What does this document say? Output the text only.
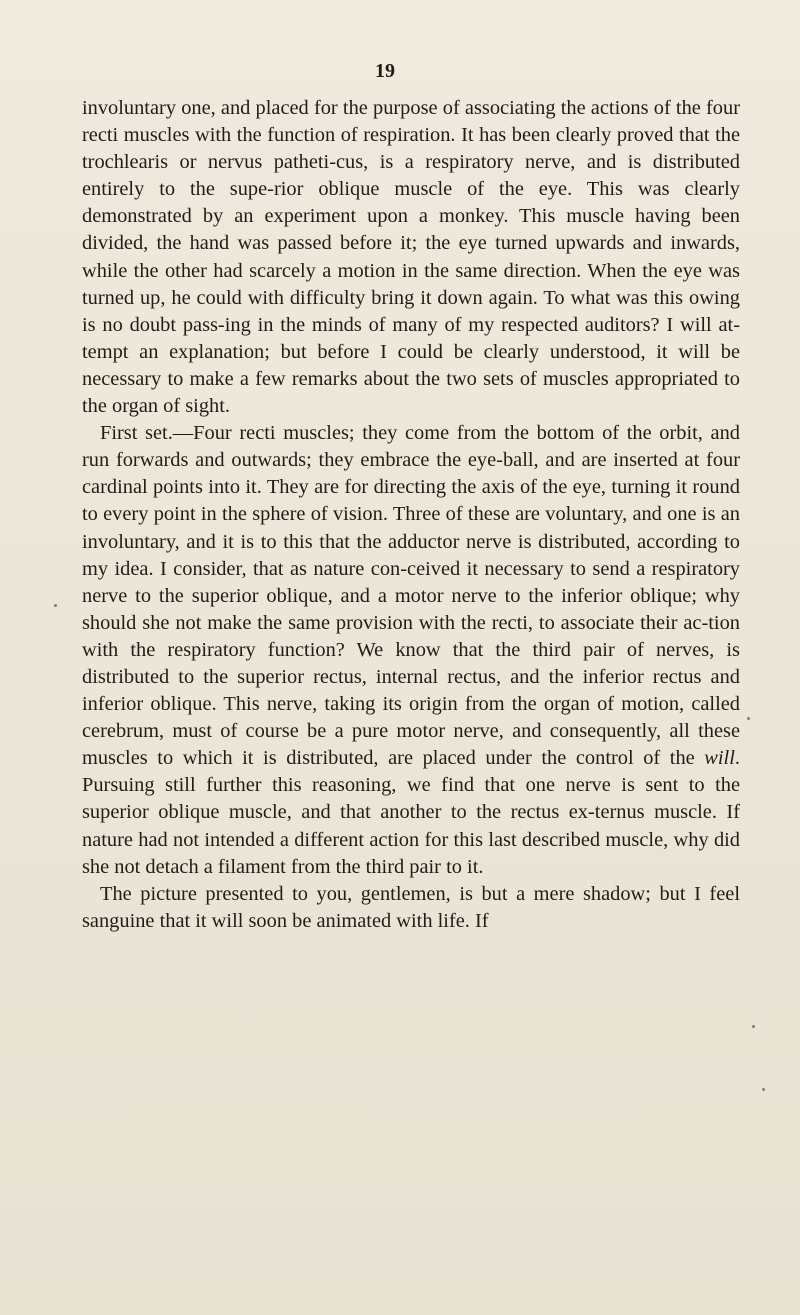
19

involuntary one, and placed for the purpose of associating the actions of the four recti muscles with the function of respiration. It has been clearly proved that the trochlearis or nervus patheti-cus, is a respiratory nerve, and is distributed entirely to the supe-rior oblique muscle of the eye. This was clearly demonstrated by an experiment upon a monkey. This muscle having been divided, the hand was passed before it; the eye turned upwards and inwards, while the other had scarcely a motion in the same direction. When the eye was turned up, he could with difficulty bring it down again. To what was this owing is no doubt pass-ing in the minds of many of my respected auditors? I will at-tempt an explanation; but before I could be clearly understood, it will be necessary to make a few remarks about the two sets of muscles appropriated to the organ of sight.

First set.—Four recti muscles; they come from the bottom of the orbit, and run forwards and outwards; they embrace the eye-ball, and are inserted at four cardinal points into it. They are for directing the axis of the eye, turning it round to every point in the sphere of vision. Three of these are voluntary, and one is an involuntary, and it is to this that the adductor nerve is distributed, according to my idea. I consider, that as nature con-ceived it necessary to send a respiratory nerve to the superior oblique, and a motor nerve to the inferior oblique; why should she not make the same provision with the recti, to associate their ac-tion with the respiratory function? We know that the third pair of nerves, is distributed to the superior rectus, internal rectus, and the inferior rectus and inferior oblique. This nerve, taking its origin from the organ of motion, called cerebrum, must of course be a pure motor nerve, and consequently, all these muscles to which it is distributed, are placed under the control of the will. Pursuing still further this reasoning, we find that one nerve is sent to the superior oblique muscle, and that another to the rectus ex-ternus muscle. If nature had not intended a different action for this last described muscle, why did she not detach a filament from the third pair to it.

The picture presented to you, gentlemen, is but a mere shadow; but I feel sanguine that it will soon be animated with life. If
